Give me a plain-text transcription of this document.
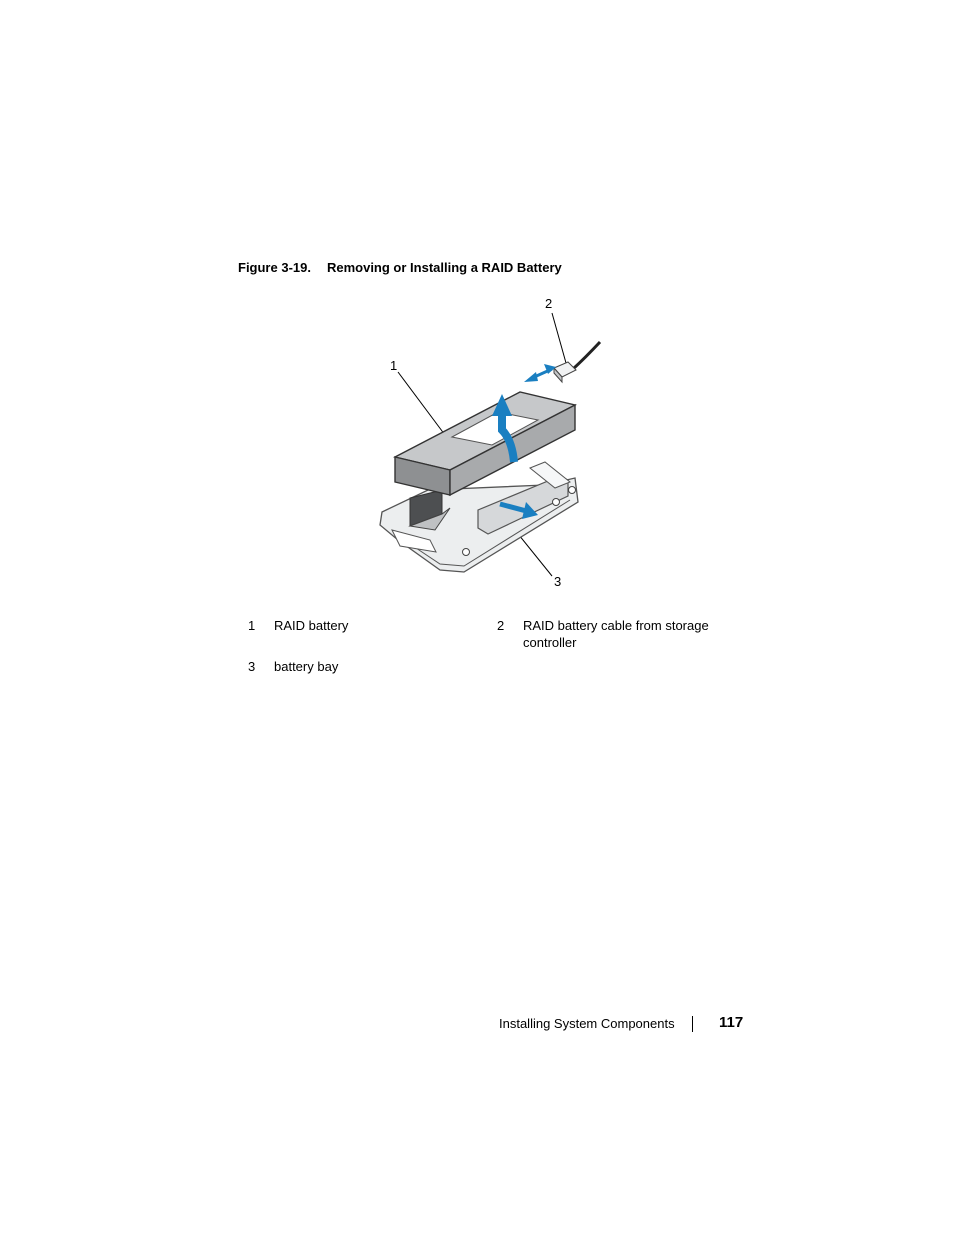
Figure 3-19. Removing or Installing a RAID Battery
1
2
3
1 RAID battery	2 RAID battery cable from storage controller
3 battery bay
Installing System Components	117
